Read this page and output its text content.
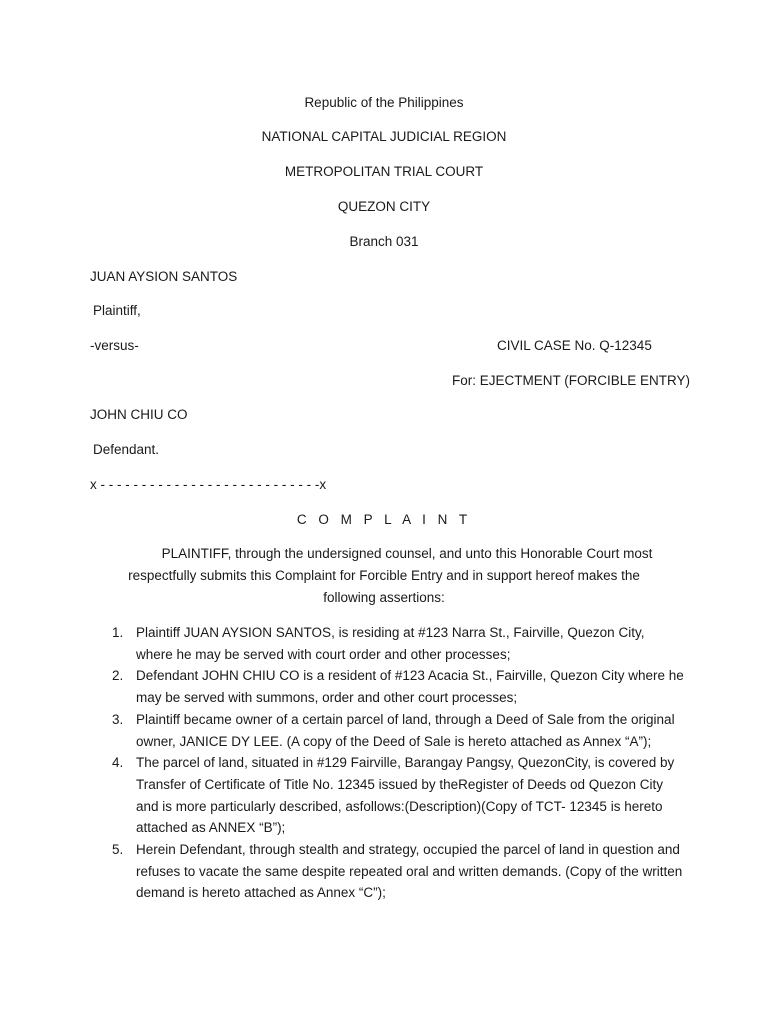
Republic of the Philippines
NATIONAL CAPITAL JUDICIAL REGION
METROPOLITAN TRIAL COURT
QUEZON CITY
Branch 031
JUAN AYSION SANTOS
Plaintiff,
-versus-	CIVIL CASE No. Q-12345
For: EJECTMENT (FORCIBLE ENTRY)
JOHN CHIU CO
Defendant.
x - - - - - - - - - - - - - - - - - - - - - - - - - - -x
C O M P L A I N T
PLAINTIFF, through the undersigned counsel, and unto this Honorable Court most respectfully submits this Complaint for Forcible Entry and in support hereof makes the following assertions:
1. Plaintiff JUAN AYSION SANTOS, is residing at #123 Narra St., Fairville, Quezon City, where he may be served with court order and other processes;
2. Defendant JOHN CHIU CO is a resident of #123 Acacia St., Fairville, Quezon City where he may be served with summons, order and other court processes;
3. Plaintiff became owner of a certain parcel of land, through a Deed of Sale from the original owner, JANICE DY LEE. (A copy of the Deed of Sale is hereto attached as Annex “A”);
4. The parcel of land, situated in #129 Fairville, Barangay Pangsy, QuezonCity, is covered by Transfer of Certificate of Title No. 12345 issued by theRegister of Deeds od Quezon City and is more particularly described, asfollows:(Description)(Copy of TCT- 12345 is hereto attached as ANNEX “B”);
5. Herein Defendant, through stealth and strategy, occupied the parcel of land in question and refuses to vacate the same despite repeated oral and written demands. (Copy of the written demand is hereto attached as Annex “C”);
